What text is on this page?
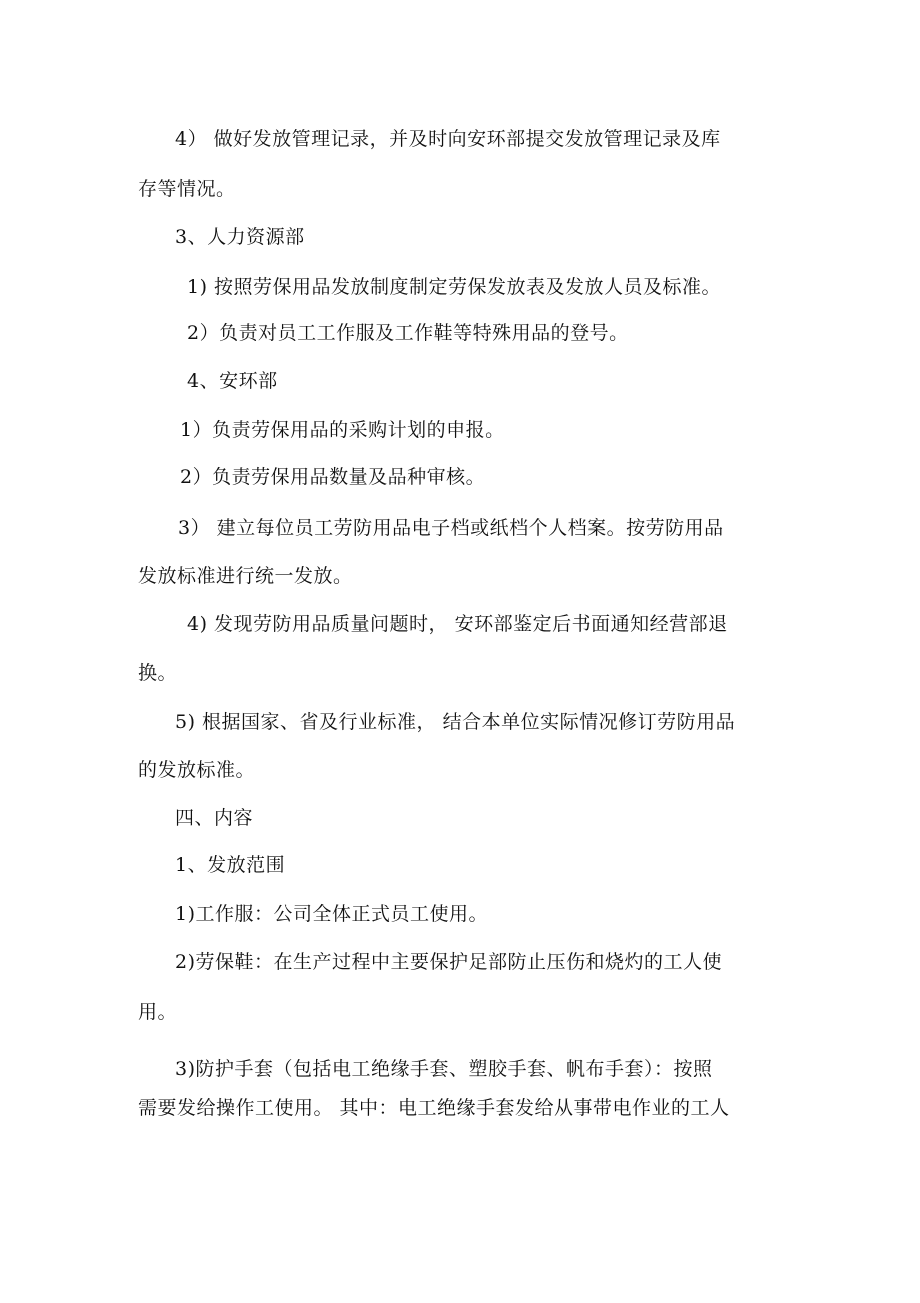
4） 做好发放管理记录，并及时向安环部提交发放管理记录及库
存等情况。
3、人力资源部
1) 按照劳保用品发放制度制定劳保发放表及发放人员及标准。
2）负责对员工工作服及工作鞋等特殊用品的登号。
4、安环部
1）负责劳保用品的采购计划的申报。
2）负责劳保用品数量及品种审核。
3） 建立每位员工劳防用品电子档或纸档个人档案。按劳防用品
发放标准进行统一发放。
4) 发现劳防用品质量问题时， 安环部鉴定后书面通知经营部退
换。
5) 根据国家、省及行业标准， 结合本单位实际情况修订劳防用品
的发放标准。
四、内容
1、发放范围
1)工作服：公司全体正式员工使用。
2)劳保鞋：在生产过程中主要保护足部防止压伤和烧灼的工人使
用。
3)防护手套（包括电工绝缘手套、塑胶手套、帆布手套）：按照
需要发给操作工使用。 其中：电工绝缘手套发给从事带电作业的工人
